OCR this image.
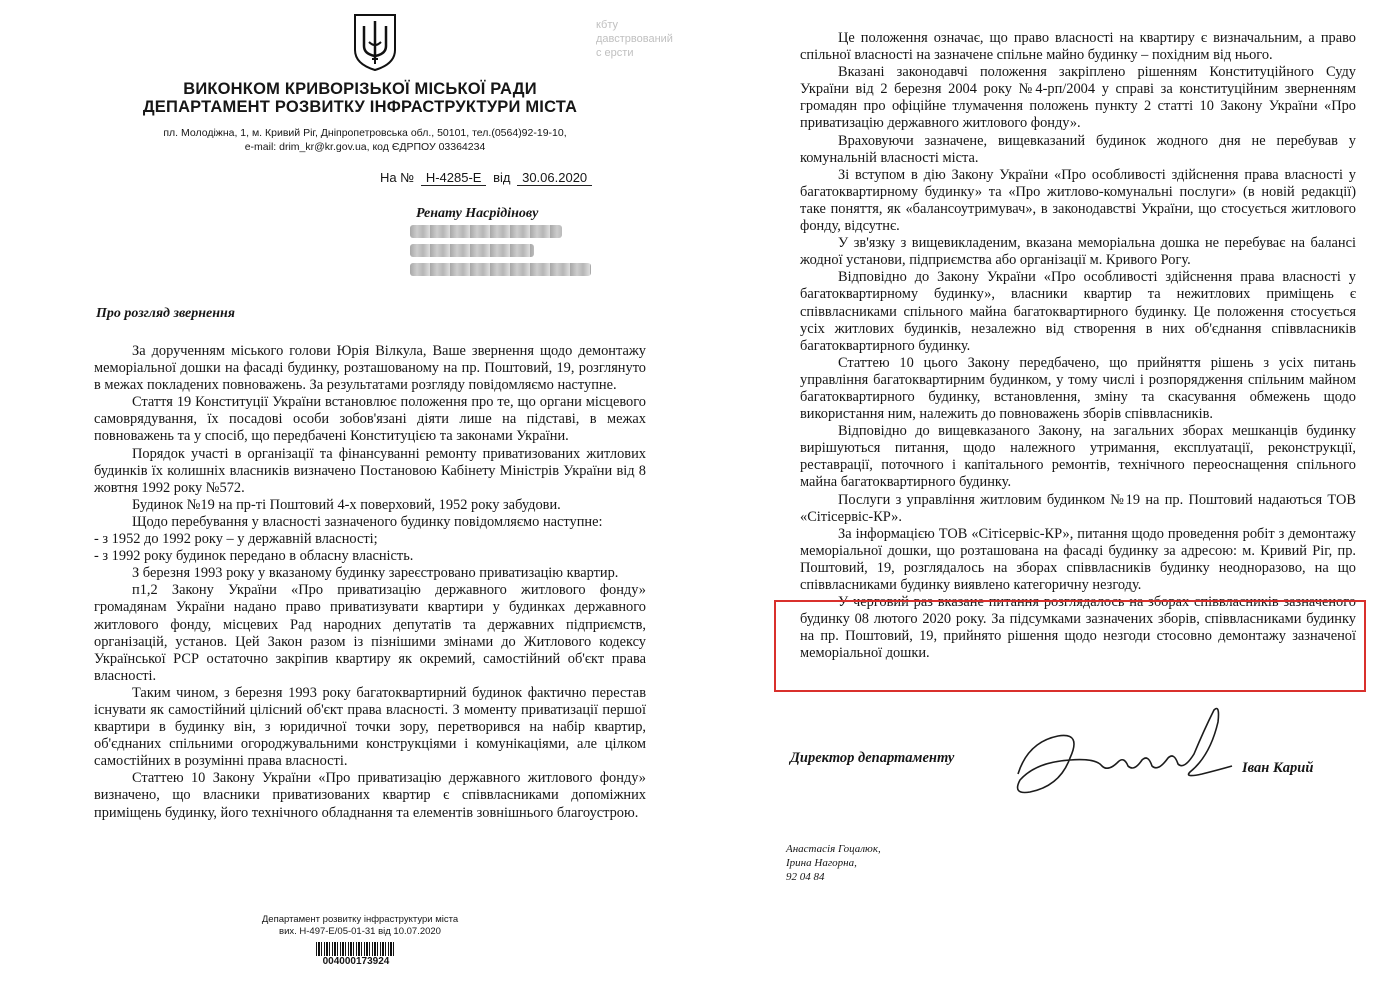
ВИКОНКОМ КРИВОРІЗЬКОЇ МІСЬКОЇ РАДИ
ДЕПАРТАМЕНТ РОЗВИТКУ ІНФРАСТРУКТУРИ МІСТА
пл. Молодіжна, 1, м. Кривий Ріг, Дніпропетровська обл., 50101, тел.(0564)92-19-10,
e-mail: drim_kr@kr.gov.ua, код ЄДРПОУ 03364234
На № Н-4285-Е від 30.06.2020
Ренату Насрідінову
Про розгляд звернення

За дорученням міського голови Юрія Вілкула, Ваше звернення щодо демонтажу меморіальної дошки на фасаді будинку, розташованому на пр. Поштовий, 19, розглянуто в межах покладених повноважень. За результатами розгляду повідомляємо наступне.

Стаття 19 Конституції України встановлює положення про те, що органи місцевого самоврядування, їх посадові особи зобов'язані діяти лише на підставі, в межах повноважень та у спосіб, що передбачені Конституцією та законами України.

Порядок участі в організації та фінансуванні ремонту приватизованих житлових будинків їх колишніх власників визначено Постановою Кабінету Міністрів України від 8 жовтня 1992 року №572.

Будинок №19 на пр-ті Поштовий 4-х поверховий, 1952 року забудови.

Щодо перебування у власності зазначеного будинку повідомляємо наступне:

- з 1952 до 1992 року – у державній власності;

- з 1992 року будинок передано в обласну власність.

З березня 1993 року у вказаному будинку зареєстровано приватизацію квартир.

п1,2 Закону України «Про приватизацію державного житлового фонду» громадянам України надано право приватизувати квартири у будинках державного житлового фонду, місцевих Рад народних депутатів та державних підприємств, організацій, установ. Цей Закон разом із пізнішими змінами до Житлового кодексу Української РСР остаточно закріпив квартиру як окремий, самостійний об'єкт права власності.

Таким чином, з березня 1993 року багатоквартирний будинок фактично перестав існувати як самостійний цілісний об'єкт права власності. З моменту приватизації першої квартири в будинку він, з юридичної точки зору, перетворився на набір квартир, об'єднаних спільними огороджувальними конструкціями і комунікаціями, але цілком самостійних в розумінні права власності.

Статтею 10 Закону України «Про приватизацію державного житлового фонду» визначено, що власники приватизованих квартир є співвласниками допоміжних приміщень будинку, його технічного обладнання та елементів зовнішнього благоустрою.

Департамент розвитку інфраструктури міста
вих. Н-497-Е/05-01-31 від 10.07.2020
004000173924
кбту
давстрвований
с ерсти

Це положення означає, що право власності на квартиру є визначальним, а право спільної власності на зазначене спільне майно будинку – похідним від нього.

Вказані законодавчі положення закріплено рішенням Конституційного Суду України від 2 березня 2004 року №4-рп/2004 у справі за конституційним зверненням громадян про офіційне тлумачення положень пункту 2 статті 10 Закону України «Про приватизацію державного житлового фонду».

Враховуючи зазначене, вищевказаний будинок жодного дня не перебував у комунальній власності міста.

Зі вступом в дію Закону України «Про особливості здійснення права власності у багатоквартирному будинку» та «Про житлово-комунальні послуги» (в новій редакції) таке поняття, як «балансоутримувач», в законодавстві України, що стосується житлового фонду, відсутнє.

У зв'язку з вищевикладеним, вказана меморіальна дошка не перебуває на балансі жодної установи, підприємства або організації м. Кривого Рогу.

Відповідно до Закону України «Про особливості здійснення права власності у багатоквартирному будинку», власники квартир та нежитлових приміщень є співвласниками спільного майна багатоквартирного будинку. Це положення стосується усіх житлових будинків, незалежно від створення в них об'єднання співвласників багатоквартирного будинку.

Статтею 10 цього Закону передбачено, що прийняття рішень з усіх питань управління багатоквартирним будинком, у тому числі і розпорядження спільним майном багатоквартирного будинку, встановлення, зміну та скасування обмежень щодо використання ним, належить до повноважень зборів співвласників.

Відповідно до вищевказаного Закону, на загальних зборах мешканців будинку вирішуються питання, щодо належного утримання, експлуатації, реконструкції, реставрації, поточного і капітального ремонтів, технічного переоснащення спільного майна багатоквартирного будинку.

Послуги з управління житловим будинком №19 на пр. Поштовий надаються ТОВ «Сітісервіс-КР».

За інформацією ТОВ «Сітісервіс-КР», питання щодо проведення робіт з демонтажу меморіальної дошки, що розташована на фасаді будинку за адресою: м. Кривий Ріг, пр. Поштовий, 19, розглядалось на зборах співвласників будинку неодноразово, на що співвласниками будинку виявлено категоричну незгоду.

У черговий раз вказане питання розглядалось на зборах співвласників зазначеного будинку 08 лютого 2020 року. За підсумками зазначених зборів, співвласниками будинку на пр. Поштовий, 19, прийнято рішення щодо незгоди стосовно демонтажу зазначеної меморіальної дошки.

Директор департаменту
Іван Карий
Анастасія Гоцалюк,
Ірина Нагорна,
92 04 84
